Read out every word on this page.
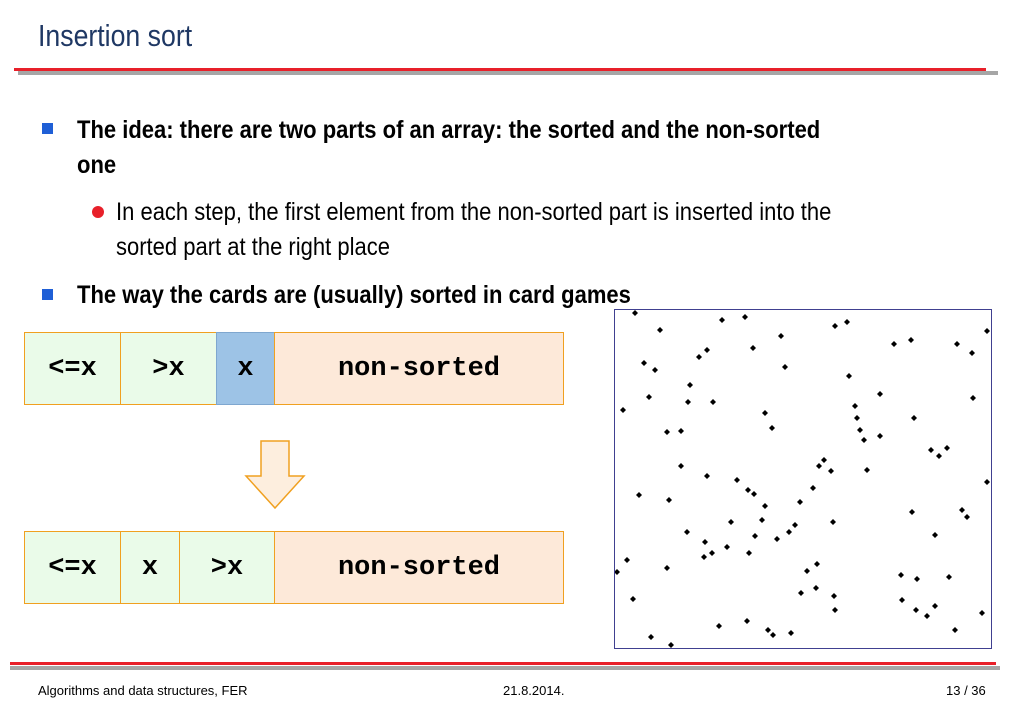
Insertion sort
The idea: there are two parts of an array: the sorted and the non-sorted
one
In each step, the first element from the non-sorted part is inserted into the
sorted part at the right place
The way the cards are (usually) sorted in card games
<=x	>x	x	non-sorted
<=x	x	>x	non-sorted
Algorithms and data structures, FER	21.8.2014.	13 / 36
